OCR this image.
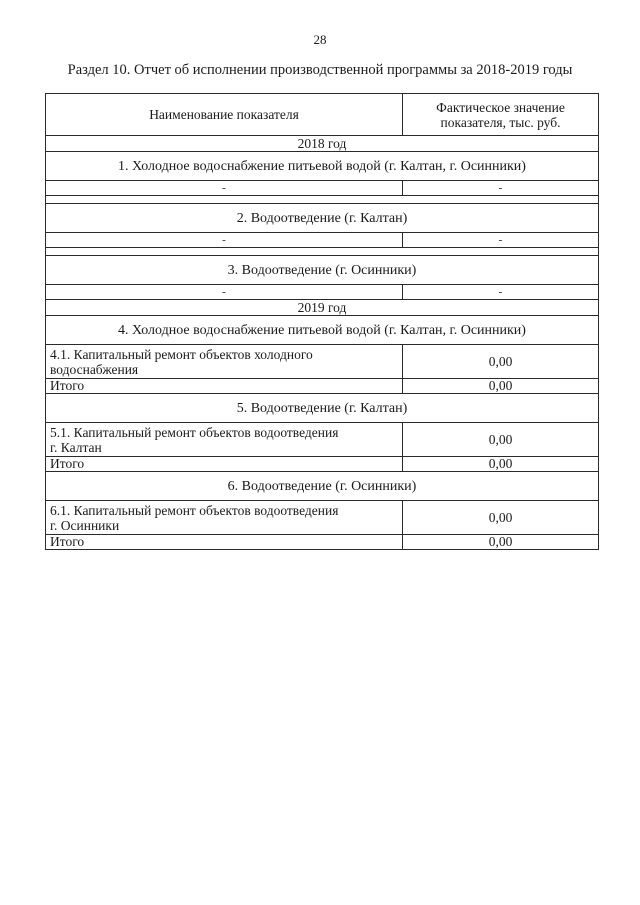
28
Раздел 10. Отчет об исполнении производственной программы за 2018-2019 годы
Наименование показателя	Фактическое значение
показателя, тыс. руб.
2018 год	
1. Холодное водоснабжение питьевой водой (г. Калтан, г. Осинники)	
-	-

2. Водоотведение (г. Калтан)	
-	-

3. Водоотведение (г. Осинники)	
-	-
2019 год	
4. Холодное водоснабжение питьевой водой (г. Калтан, г. Осинники)	
4.1. Капитальный ремонт объектов холодного
водоснабжения	0,00
Итого	0,00
5. Водоотведение (г. Калтан)	
5.1. Капитальный ремонт объектов водоотведения
г. Калтан	0,00
Итого	0,00
6. Водоотведение (г. Осинники)	
6.1. Капитальный ремонт объектов водоотведения
г. Осинники	0,00
Итого	0,00
